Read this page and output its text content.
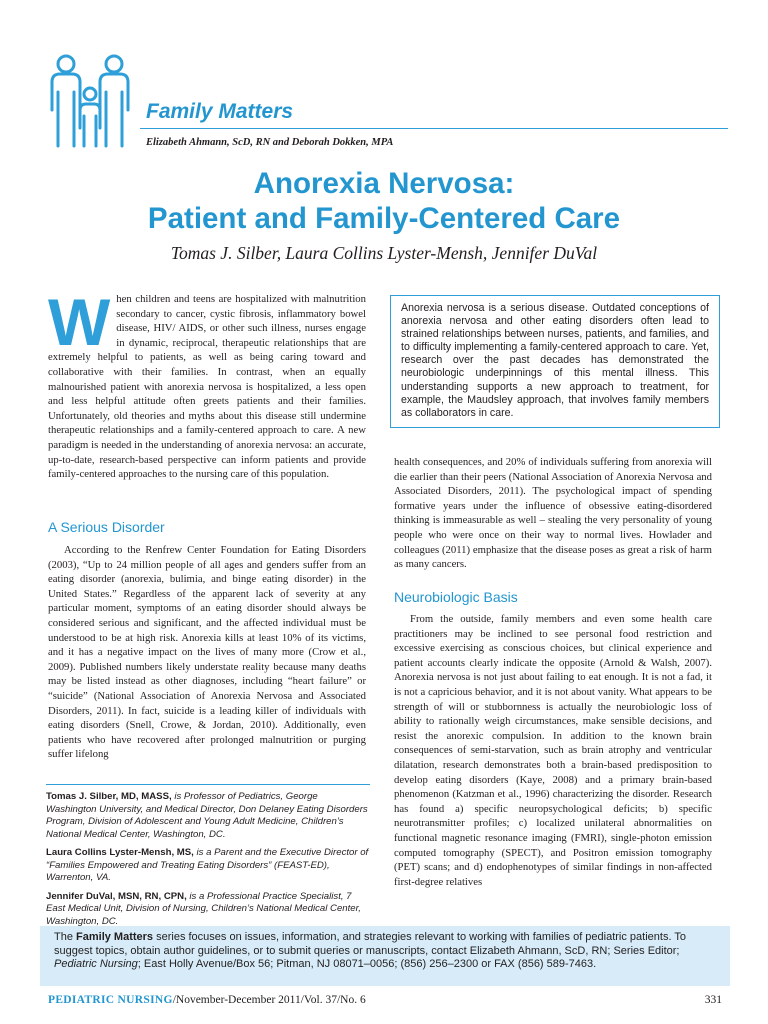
Family Matters
Elizabeth Ahmann, ScD, RN and Deborah Dokken, MPA
Anorexia Nervosa:
Patient and Family-Centered Care
Tomas J. Silber, Laura Collins Lyster-Mensh, Jennifer DuVal
When children and teens are hospitalized with malnutrition secondary to cancer, cystic fibrosis, inflammatory bowel disease, HIV/ AIDS, or other such illness, nurses engage in dynamic, reciprocal, therapeutic relationships that are extremely helpful to patients, as well as being caring toward and collaborative with their families. In contrast, when an equally malnourished patient with anorexia nervosa is hospitalized, a less open and less helpful attitude often greets patients and their families. Unfortunately, old theories and myths about this disease still undermine therapeutic relationships and a family-centered approach to care. A new paradigm is needed in the understanding of anorexia nervosa: an accurate, up-to-date, research-based perspective can inform patients and provide family-centered approaches to the nursing care of this population.
A Serious Disorder

According to the Renfrew Center Foundation for Eating Disorders (2003), “Up to 24 million people of all ages and genders suffer from an eating disorder (anorexia, bulimia, and binge eating disorder) in the United States.” Regardless of the apparent lack of severity at any particular moment, symptoms of an eating disorder should always be considered serious and significant, and the affected individual must be understood to be at high risk. Anorexia kills at least 10% of its victims, and it has a negative impact on the lives of many more (Crow et al., 2009). Published numbers likely understate reality because many deaths may be listed instead as other diagnoses, including “heart failure” or “suicide” (National Association of Anorexia Nervosa and Associated Disorders, 2011). In fact, suicide is a leading killer of individuals with eating disorders (Snell, Crowe, & Jordan, 2010). Additionally, even patients who have recovered after prolonged malnutrition or purging suffer lifelong

Tomas J. Silber, MD, MASS, is Professor of Pediatrics, George Washington University, and Medical Director, Don Delaney Eating Disorders Program, Division of Adolescent and Young Adult Medicine, Children’s National Medical Center, Washington, DC.

Laura Collins Lyster-Mensh, MS, is a Parent and the Executive Director of “Families Empowered and Treating Eating Disorders” (FEAST-ED), Warrenton, VA.

Jennifer DuVal, MSN, RN, CPN, is a Professional Practice Specialist, 7 East Medical Unit, Division of Nursing, Children’s National Medical Center, Washington, DC.

Anorexia nervosa is a serious disease. Outdated conceptions of anorexia nervosa and other eating disorders often lead to strained relationships between nurses, patients, and families, and to difficulty implementing a family-centered approach to care. Yet, research over the past decades has demonstrated the neurobiologic underpinnings of this mental illness. This understanding supports a new approach to treatment, for example, the Maudsley approach, that involves family members as collaborators in care.

health consequences, and 20% of individuals suffering from anorexia will die earlier than their peers (National Association of Anorexia Nervosa and Associated Disorders, 2011). The psychological impact of spending formative years under the influence of obsessive eating-disordered thinking is immeasurable as well – stealing the very personality of young people who were once on their way to normal lives. Howlader and colleagues (2011) emphasize that the disease poses as great a risk of harm as many cancers.

Neurobiologic Basis

From the outside, family members and even some health care practitioners may be inclined to see personal food restriction and excessive exercising as conscious choices, but clinical experience and patient accounts clearly indicate the opposite (Arnold & Walsh, 2007). Anorexia nervosa is not just about failing to eat enough. It is not a fad, it is not a capricious behavior, and it is not about vanity. What appears to be strength of will or stubbornness is actually the neurobiologic loss of ability to rationally weigh circumstances, make sensible decisions, and resist the anorexic compulsion. In addition to the known brain consequences of semi-starvation, such as brain atrophy and ventricular dilatation, research demonstrates both a brain-based predisposition to develop eating disorders (Kaye, 2008) and a primary brain-based phenomenon (Katzman et al., 1996) characterizing the disorder. Research has found a) specific neuropsychological deficits; b) specific neurotransmitter profiles; c) localized unilateral abnormalities on functional magnetic resonance imaging (FMRI), single-photon emission computed tomography (SPECT), and Positron emission tomography (PET) scans; and d) endophenotypes of similar findings in non-affected first-degree relatives

The Family Matters series focuses on issues, information, and strategies relevant to working with families of pediatric patients. To suggest topics, obtain author guidelines, or to submit queries or manuscripts, contact Elizabeth Ahmann, ScD, RN; Series Editor; Pediatric Nursing; East Holly Avenue/Box 56; Pitman, NJ 08071–0056; (856) 256–2300 or FAX (856) 589-7463.
PEDIATRIC NURSING/November-December 2011/Vol. 37/No. 6	331
